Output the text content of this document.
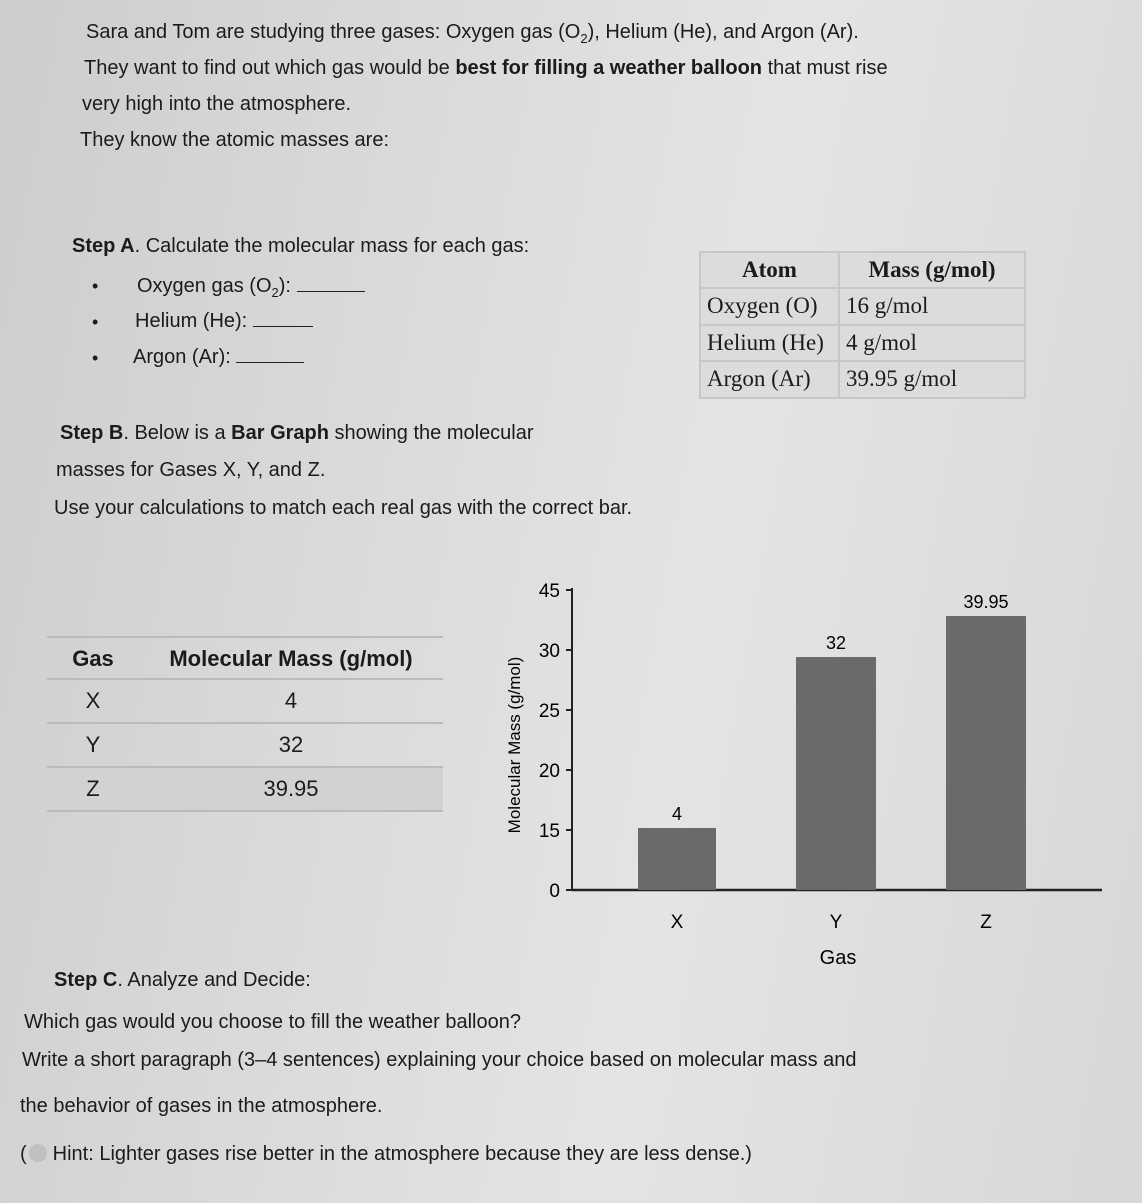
Sara and Tom are studying three gases: Oxygen gas $(O_2)$, Helium (He), and Argon (Ar).
They want to find out which gas would be best for filling a weather balloon that must rise
very high into the atmosphere.
They know the atomic masses are:
Step A. Calculate the molecular mass for each gas:
• Oxygen gas $(O_2)$:
• Helium (He):
• Argon (Ar):
Atom	Mass (g/mol)
Oxygen (O)	16 g/mol
Helium (He)	4 g/mol
Argon (Ar)	39.95 g/mol
Step B. Below is a Bar Graph showing the molecular
masses for Gases X, Y, and Z.
Use your calculations to match each real gas with the correct bar.
Gas	Molecular Mass (g/mol)
X	4
Y	32
Z	39.95
0
15
20
25
30
45
4
32
39.95
X	Y	Z
Molecular Mass (g/mol)
Gas
Step C. Analyze and Decide:
Which gas would you choose to fill the weather balloon?
Write a short paragraph (3–4 sentences) explaining your choice based on molecular mass and
the behavior of gases in the atmosphere.
( Hint: Lighter gases rise better in the atmosphere because they are less dense.)
